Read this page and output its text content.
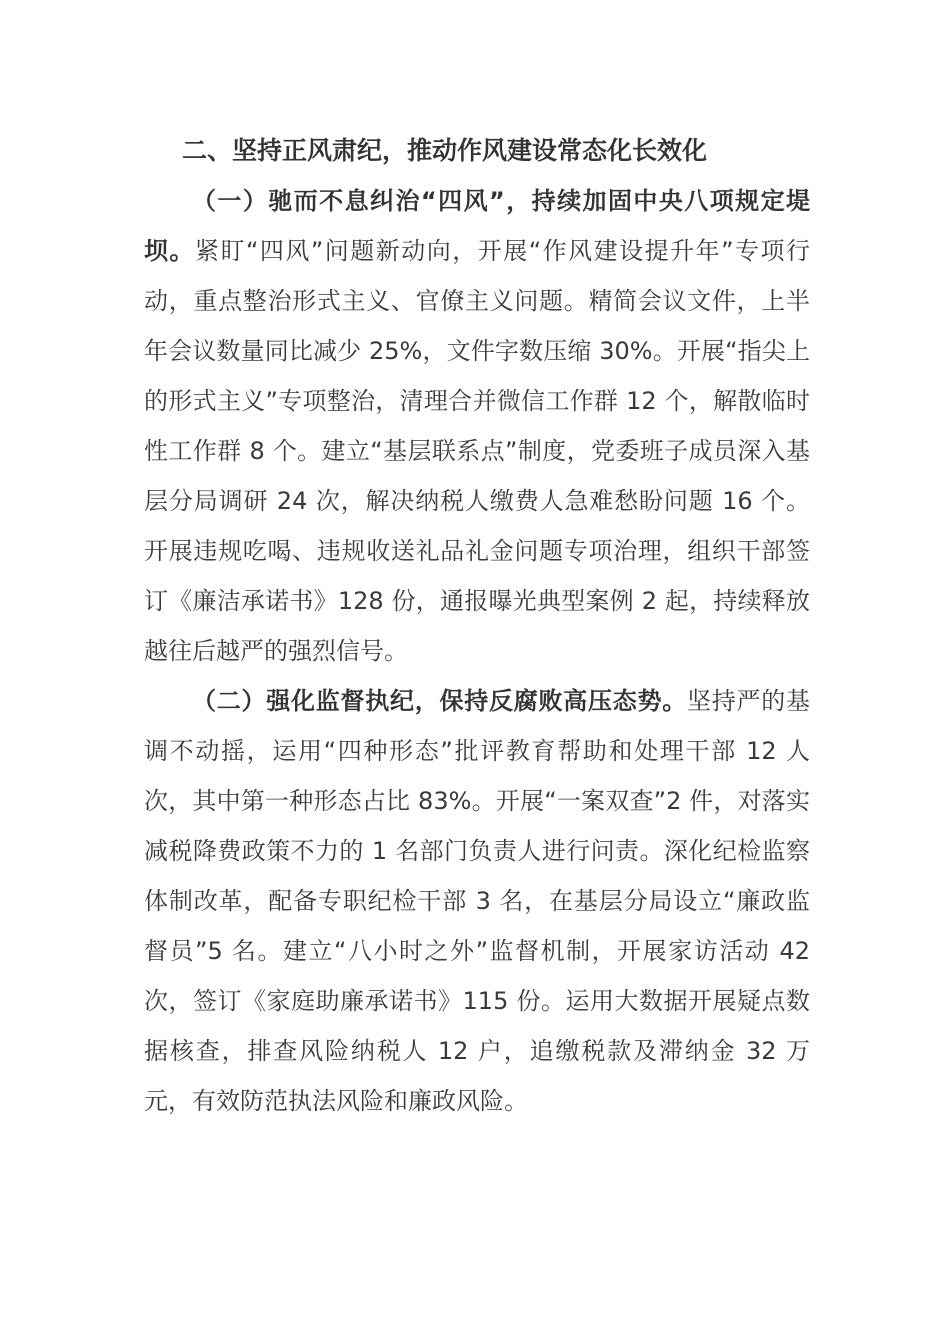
二、坚持正风肃纪，推动作风建设常态化长效化

（一）驰而不息纠治“四风”，持续加固中央八项规定堤坝。紧盯“四风”问题新动向，开展“作风建设提升年”专项行动，重点整治形式主义、官僚主义问题。精简会议文件，上半年会议数量同比减少 25%，文件字数压缩 30%。开展“指尖上的形式主义”专项整治，清理合并微信工作群 12 个，解散临时性工作群 8 个。建立“基层联系点”制度，党委班子成员深入基层分局调研 24 次，解决纳税人缴费人急难愁盼问题 16 个。开展违规吃喝、违规收送礼品礼金问题专项治理，组织干部签订《廉洁承诺书》128 份，通报曝光典型案例 2 起，持续释放越往后越严的强烈信号。

（二）强化监督执纪，保持反腐败高压态势。坚持严的基调不动摇，运用“四种形态”批评教育帮助和处理干部 12 人次，其中第一种形态占比 83%。开展“一案双查”2 件，对落实减税降费政策不力的 1 名部门负责人进行问责。深化纪检监察体制改革，配备专职纪检干部 3 名，在基层分局设立“廉政监督员”5 名。建立“八小时之外”监督机制，开展家访活动 42 次，签订《家庭助廉承诺书》115 份。运用大数据开展疑点数据核查，排查风险纳税人 12 户，追缴税款及滞纳金 32 万元，有效防范执法风险和廉政风险。
